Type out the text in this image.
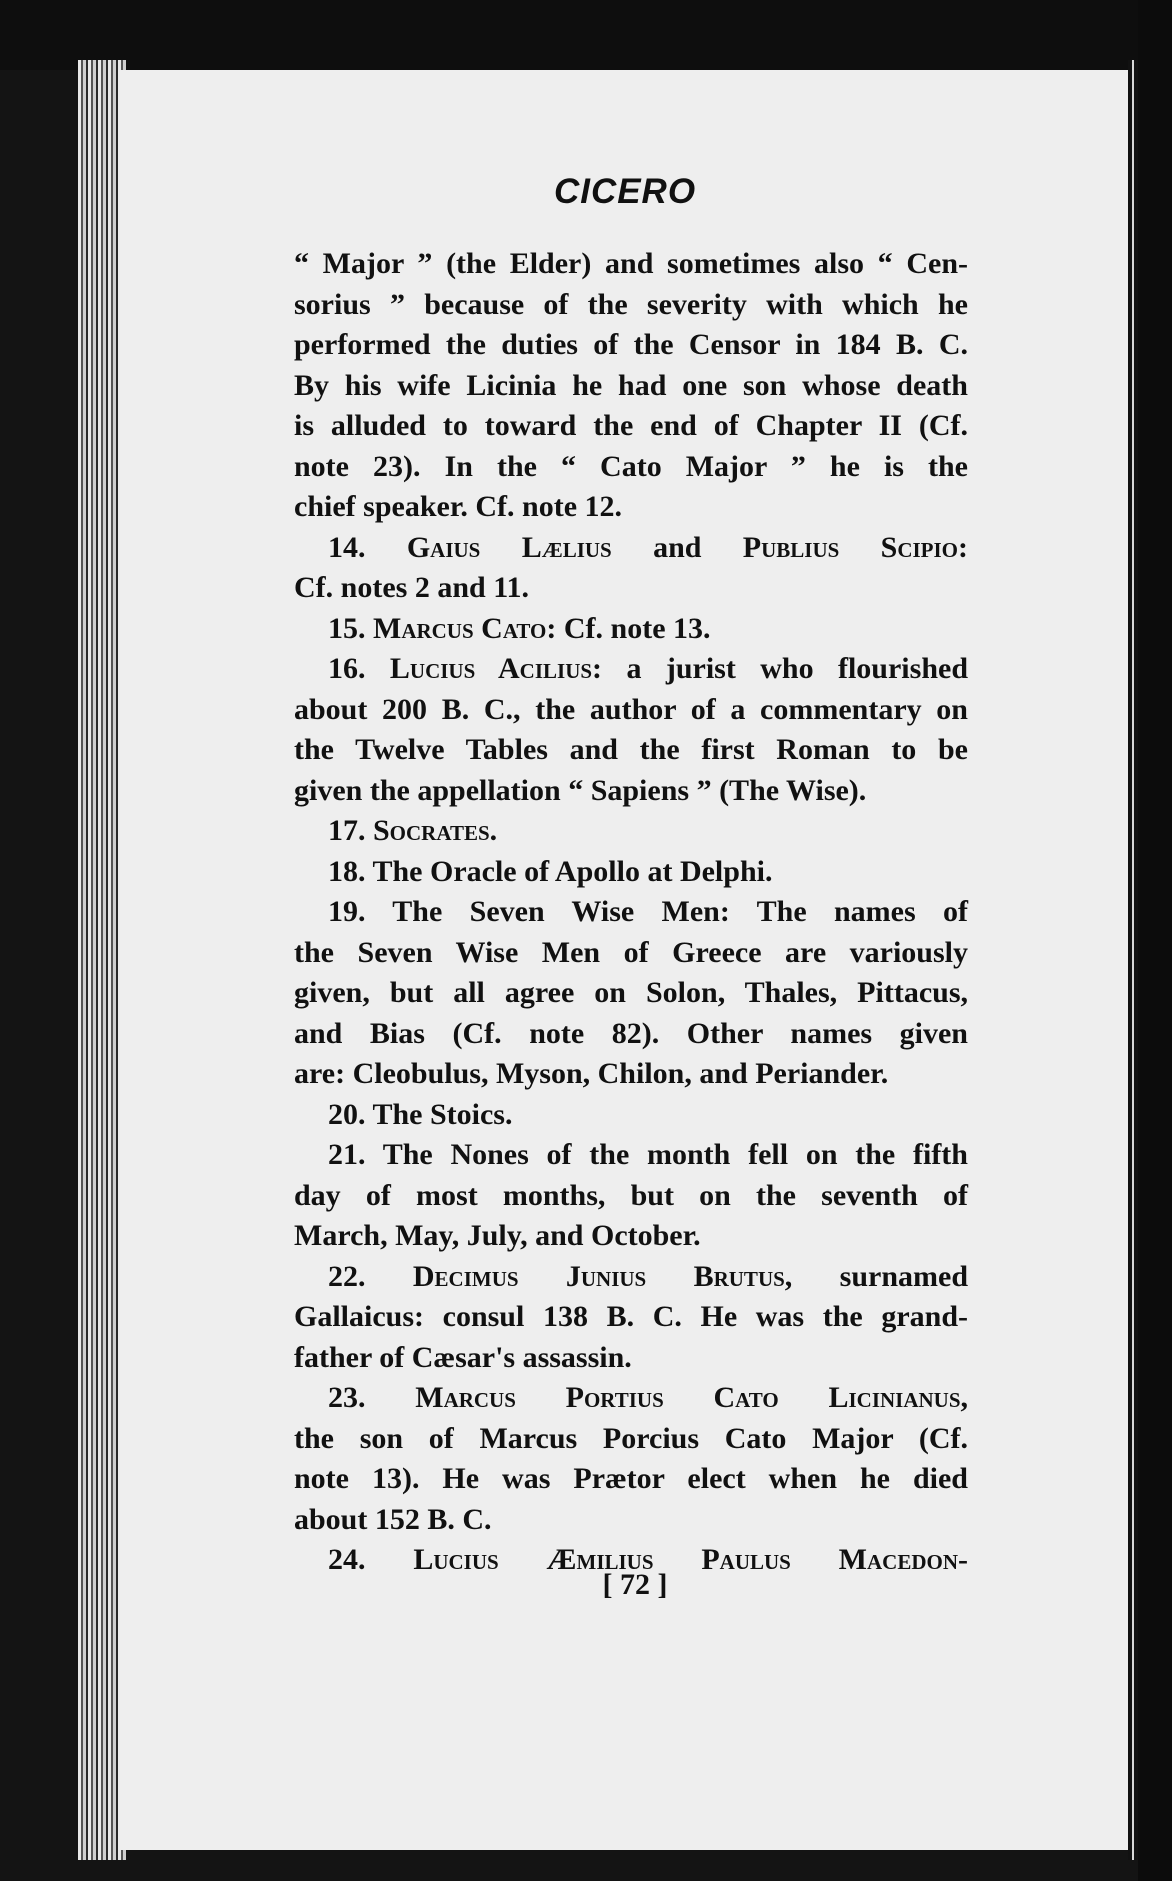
CICERO
“ Major ” (the Elder) and sometimes also “ Cen-
sorius ” because of the severity with which he
performed the duties of the Censor in 184 B. C.
By his wife Licinia he had one son whose death
is alluded to toward the end of Chapter II (Cf.
note 23). In the “ Cato Major ” he is the
chief speaker. Cf. note 12.
14. Gaius Lælius and Publius Scipio:
Cf. notes 2 and 11.
15. Marcus Cato: Cf. note 13.
16. Lucius Acilius: a jurist who flourished
about 200 B. C., the author of a commentary on
the Twelve Tables and the first Roman to be
given the appellation “ Sapiens ” (The Wise).
17. Socrates.
18. The Oracle of Apollo at Delphi.
19. The Seven Wise Men: The names of
the Seven Wise Men of Greece are variously
given, but all agree on Solon, Thales, Pittacus,
and Bias (Cf. note 82). Other names given
are: Cleobulus, Myson, Chilon, and Periander.
20. The Stoics.
21. The Nones of the month fell on the fifth
day of most months, but on the seventh of
March, May, July, and October.
22. Decimus Junius Brutus, surnamed
Gallaicus: consul 138 B. C. He was the grand-
father of Cæsar's assassin.
23. Marcus Portius Cato Licinianus,
the son of Marcus Porcius Cato Major (Cf.
note 13). He was Prætor elect when he died
about 152 B. C.
24. Lucius Æmilius Paulus Macedon-
[ 72 ]
